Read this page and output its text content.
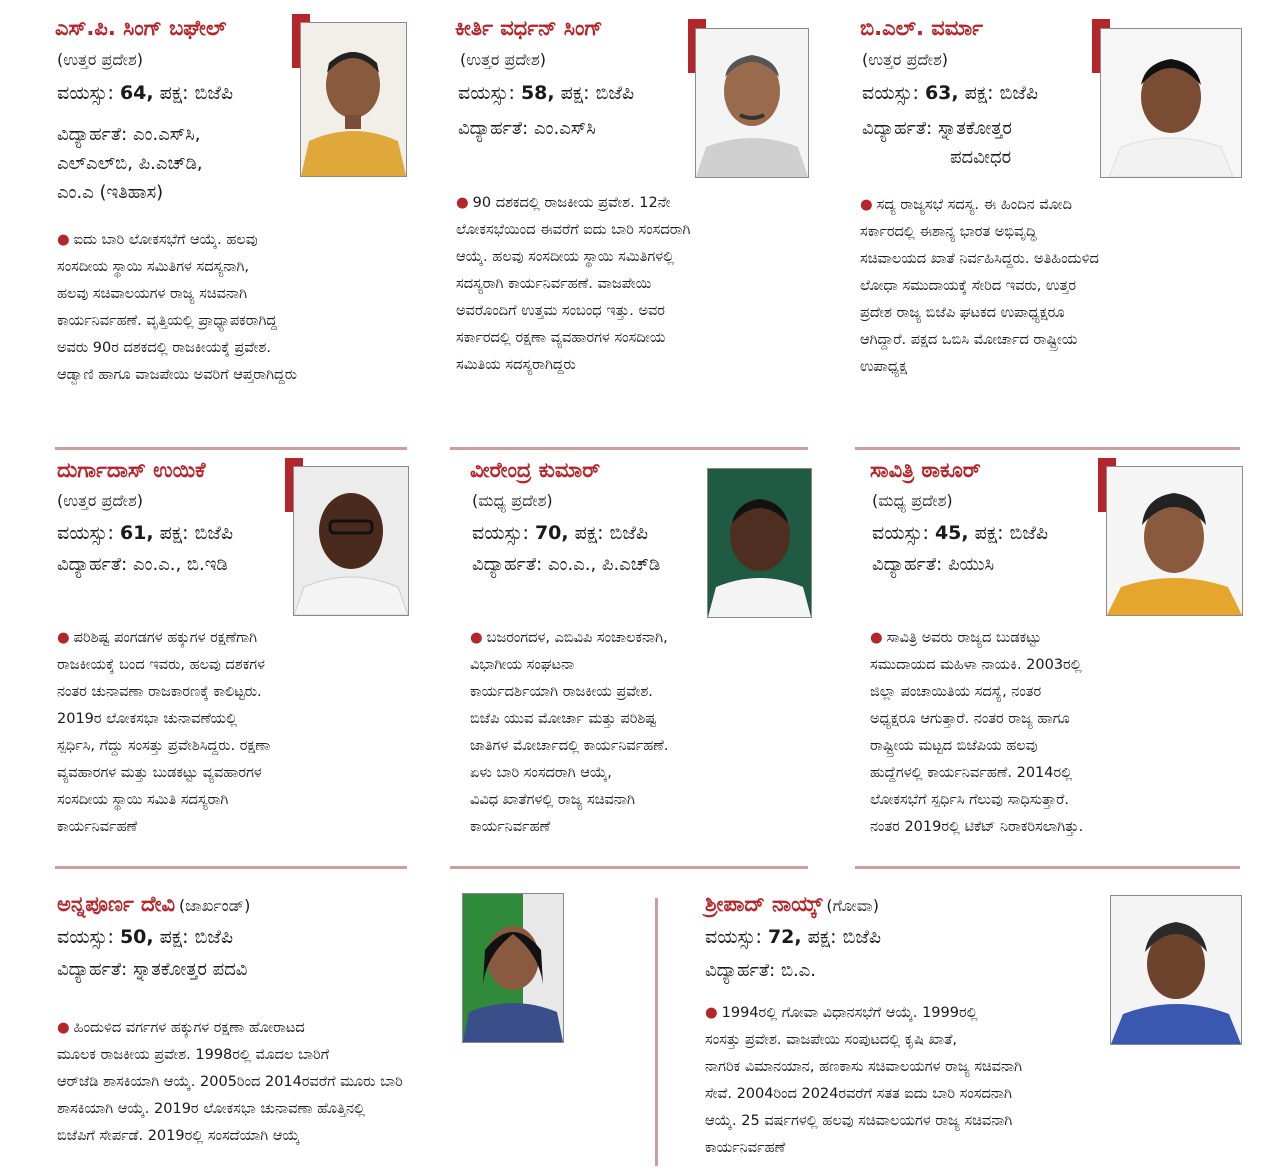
ಎಸ್.ಪಿ. ಸಿಂಗ್ ಬಘೇಲ್
(ಉತ್ತರ ಪ್ರದೇಶ)
ವಯಸ್ಸು: 64, ಪಕ್ಷ: ಬಿಜೆಪಿ
ವಿದ್ಯಾರ್ಹತೆ: ಎಂ.ಎಸ್‌ಸಿ,
ಎಲ್‌ಎಲ್‌ಬಿ, ಪಿ.ಎಚ್‌ಡಿ,
ಎಂ.ಎ (ಇತಿಹಾಸ)
● ಐದು ಬಾರಿ ಲೋಕಸಭೆಗೆ ಆಯ್ಕೆ. ಹಲವು
ಸಂಸದೀಯ ಸ್ಥಾಯಿ ಸಮಿತಿಗಳ ಸದಸ್ಯನಾಗಿ,
ಹಲವು ಸಚಿವಾಲಯಗಳ ರಾಜ್ಯ ಸಚಿವನಾಗಿ
ಕಾರ್ಯನಿರ್ವಹಣೆ. ವೃತ್ತಿಯಲ್ಲಿ ಪ್ರಾಧ್ಯಾಪಕರಾಗಿದ್ದ
ಅವರು 90ರ ದಶಕದಲ್ಲಿ ರಾಜಕೀಯಕ್ಕೆ ಪ್ರವೇಶ.
ಆಡ್ವಾಣಿ ಹಾಗೂ ವಾಜಪೇಯಿ ಅವರಿಗೆ ಆಪ್ತರಾಗಿದ್ದರು
ಕೀರ್ತಿ ವರ್ಧನ್ ಸಿಂಗ್
(ಉತ್ತರ ಪ್ರದೇಶ)
ವಯಸ್ಸು: 58, ಪಕ್ಷ: ಬಿಜೆಪಿ
ವಿದ್ಯಾರ್ಹತೆ: ಎಂ.ಎಸ್‌ಸಿ
● 90 ದಶಕದಲ್ಲಿ ರಾಜಕೀಯ ಪ್ರವೇಶ. 12ನೇ
ಲೋಕಸಭೆಯಿಂದ ಈವರೆಗೆ ಐದು ಬಾರಿ ಸಂಸದರಾಗಿ
ಆಯ್ಕೆ. ಹಲವು ಸಂಸದೀಯ ಸ್ಥಾಯಿ ಸಮಿತಿಗಳಲ್ಲಿ
ಸದಸ್ಯರಾಗಿ ಕಾರ್ಯನಿರ್ವಹಣೆ. ವಾಜಪೇಯಿ
ಅವರೊಂದಿಗೆ ಉತ್ತಮ ಸಂಬಂಧ ಇತ್ತು. ಅವರ
ಸರ್ಕಾರದಲ್ಲಿ ರಕ್ಷಣಾ ವ್ಯವಹಾರಗಳ ಸಂಸದೀಯ
ಸಮಿತಿಯ ಸದಸ್ಯರಾಗಿದ್ದರು
ಬಿ.ಎಲ್. ವರ್ಮಾ
(ಉತ್ತರ ಪ್ರದೇಶ)
ವಯಸ್ಸು: 63, ಪಕ್ಷ: ಬಿಜೆಪಿ
ವಿದ್ಯಾರ್ಹತೆ: ಸ್ನಾತಕೋತ್ತರ
ಪದವೀಧರ
● ಸದ್ಯ ರಾಜ್ಯಸಭೆ ಸದಸ್ಯ. ಈ ಹಿಂದಿನ ಮೋದಿ
ಸರ್ಕಾರದಲ್ಲಿ ಈಶಾನ್ಯ ಭಾರತ ಅಭಿವೃದ್ಧಿ
ಸಚಿವಾಲಯದ ಖಾತೆ ನಿರ್ವಹಿಸಿದ್ದರು. ಅತಿಹಿಂದುಳಿದ
ಲೋಧಾ ಸಮುದಾಯಕ್ಕೆ ಸೇರಿದ ಇವರು, ಉತ್ತರ
ಪ್ರದೇಶ ರಾಜ್ಯ ಬಿಜೆಪಿ ಘಟಕದ ಉಪಾಧ್ಯಕ್ಷರೂ
ಆಗಿದ್ದಾರೆ. ಪಕ್ಷದ ಒಬಿಸಿ ಮೋರ್ಚಾದ ರಾಷ್ಟ್ರೀಯ
ಉಪಾಧ್ಯಕ್ಷ
ದುರ್ಗಾದಾಸ್ ಉಯಿಕೆ
(ಉತ್ತರ ಪ್ರದೇಶ)
ವಯಸ್ಸು: 61, ಪಕ್ಷ: ಬಿಜೆಪಿ
ವಿದ್ಯಾರ್ಹತೆ: ಎಂ.ಎ., ಬಿ.ಇಡಿ
● ಪರಿಶಿಷ್ಟ ಪಂಗಡಗಳ ಹಕ್ಕುಗಳ ರಕ್ಷಣೆಗಾಗಿ
ರಾಜಕೀಯಕ್ಕೆ ಬಂದ ಇವರು, ಹಲವು ದಶಕಗಳ
ನಂತರ ಚುನಾವಣಾ ರಾಜಕಾರಣಕ್ಕೆ ಕಾಲಿಟ್ಟರು.
2019ರ ಲೋಕಸಭಾ ಚುನಾವಣೆಯಲ್ಲಿ
ಸ್ಪರ್ಧಿಸಿ, ಗೆದ್ದು ಸಂಸತ್ತು ಪ್ರವೇಶಿಸಿದ್ದರು. ರಕ್ಷಣಾ
ವ್ಯವಹಾರಗಳ ಮತ್ತು ಬುಡಕಟ್ಟು ವ್ಯವಹಾರಗಳ
ಸಂಸದೀಯ ಸ್ಥಾಯಿ ಸಮಿತಿ ಸದಸ್ಯರಾಗಿ
ಕಾರ್ಯನಿರ್ವಹಣೆ
ವೀರೇಂದ್ರ ಕುಮಾರ್
(ಮಧ್ಯ ಪ್ರದೇಶ)
ವಯಸ್ಸು: 70, ಪಕ್ಷ: ಬಿಜೆಪಿ
ವಿದ್ಯಾರ್ಹತೆ: ಎಂ.ಎ., ಪಿ.ಎಚ್‌ಡಿ
● ಬಜರಂಗದಳ, ಎಬಿವಿಪಿ ಸಂಚಾಲಕನಾಗಿ,
ವಿಭಾಗೀಯ ಸಂಘಟನಾ
ಕಾರ್ಯದರ್ಶಿಯಾಗಿ ರಾಜಕೀಯ ಪ್ರವೇಶ.
ಬಿಜೆಪಿ ಯುವ ಮೋರ್ಚಾ ಮತ್ತು ಪರಿಶಿಷ್ಟ
ಜಾತಿಗಳ ಮೋರ್ಚಾದಲ್ಲಿ ಕಾರ್ಯನಿರ್ವಹಣೆ.
ಏಳು ಬಾರಿ ಸಂಸದರಾಗಿ ಆಯ್ಕೆ,
ವಿವಿಧ ಖಾತೆಗಳಲ್ಲಿ ರಾಜ್ಯ ಸಚಿವನಾಗಿ
ಕಾರ್ಯನಿರ್ವಹಣೆ
ಸಾವಿತ್ರಿ ಠಾಕೂರ್
(ಮಧ್ಯ ಪ್ರದೇಶ)
ವಯಸ್ಸು: 45, ಪಕ್ಷ: ಬಿಜೆಪಿ
ವಿದ್ಯಾರ್ಹತೆ: ಪಿಯುಸಿ
● ಸಾವಿತ್ರಿ ಅವರು ರಾಜ್ಯದ ಬುಡಕಟ್ಟು
ಸಮುದಾಯದ ಮಹಿಳಾ ನಾಯಕಿ. 2003ರಲ್ಲಿ
ಜಿಲ್ಲಾ ಪಂಚಾಯಿತಿಯ ಸದಸ್ಯೆ, ನಂತರ
ಅಧ್ಯಕ್ಷರೂ ಆಗುತ್ತಾರೆ. ನಂತರ ರಾಜ್ಯ ಹಾಗೂ
ರಾಷ್ಟ್ರೀಯ ಮಟ್ಟದ ಬಿಜೆಪಿಯ ಹಲವು
ಹುದ್ದೆಗಳಲ್ಲಿ ಕಾರ್ಯನಿರ್ವಹಣೆ. 2014ರಲ್ಲಿ
ಲೋಕಸಭೆಗೆ ಸ್ಪರ್ಧಿಸಿ ಗೆಲುವು ಸಾಧಿಸುತ್ತಾರೆ.
ನಂತರ 2019ರಲ್ಲಿ ಟಿಕೆಟ್ ನಿರಾಕರಿಸಲಾಗಿತ್ತು.
ಅನ್ನಪೂರ್ಣ ದೇವಿ (ಜಾರ್ಖಂಡ್)
ವಯಸ್ಸು: 50, ಪಕ್ಷ: ಬಿಜೆಪಿ
ವಿದ್ಯಾರ್ಹತೆ: ಸ್ನಾತಕೋತ್ತರ ಪದವಿ
● ಹಿಂದುಳಿದ ವರ್ಗಗಳ ಹಕ್ಕುಗಳ ರಕ್ಷಣಾ ಹೋರಾಟದ
ಮೂಲಕ ರಾಜಕೀಯ ಪ್ರವೇಶ. 1998ರಲ್ಲಿ ಮೊದಲ ಬಾರಿಗೆ
ಆರ್‌ಜೆಡಿ ಶಾಸಕಿಯಾಗಿ ಆಯ್ಕೆ. 2005ರಿಂದ 2014ರವರೆಗೆ ಮೂರು ಬಾರಿ
ಶಾಸಕಿಯಾಗಿ ಆಯ್ಕೆ. 2019ರ ಲೋಕಸಭಾ ಚುನಾವಣಾ ಹೊತ್ತಿನಲ್ಲಿ
ಬಿಜೆಪಿಗೆ ಸೇರ್ಪಡೆ. 2019ರಲ್ಲಿ ಸಂಸದೆಯಾಗಿ ಆಯ್ಕೆ
ಶ್ರೀಪಾದ್ ನಾಯ್ಕ್ (ಗೋವಾ)
ವಯಸ್ಸು: 72, ಪಕ್ಷ: ಬಿಜೆಪಿ
ವಿದ್ಯಾರ್ಹತೆ: ಬಿ.ಎ.
● 1994ರಲ್ಲಿ ಗೋವಾ ವಿಧಾನಸಭೆಗೆ ಆಯ್ಕೆ. 1999ರಲ್ಲಿ
ಸಂಸತ್ತು ಪ್ರವೇಶ. ವಾಜಪೇಯಿ ಸಂಪುಟದಲ್ಲಿ ಕೃಷಿ ಖಾತೆ,
ನಾಗರಿಕ ವಿಮಾನಯಾನ, ಹಣಕಾಸು ಸಚಿವಾಲಯಗಳ ರಾಜ್ಯ ಸಚಿವನಾಗಿ
ಸೇವೆ. 2004ರಿಂದ 2024ರವರೆಗೆ ಸತತ ಐದು ಬಾರಿ ಸಂಸದನಾಗಿ
ಆಯ್ಕೆ. 25 ವರ್ಷಗಳಲ್ಲಿ ಹಲವು ಸಚಿವಾಲಯಗಳ ರಾಜ್ಯ ಸಚಿವನಾಗಿ
ಕಾರ್ಯನಿರ್ವಹಣೆ
